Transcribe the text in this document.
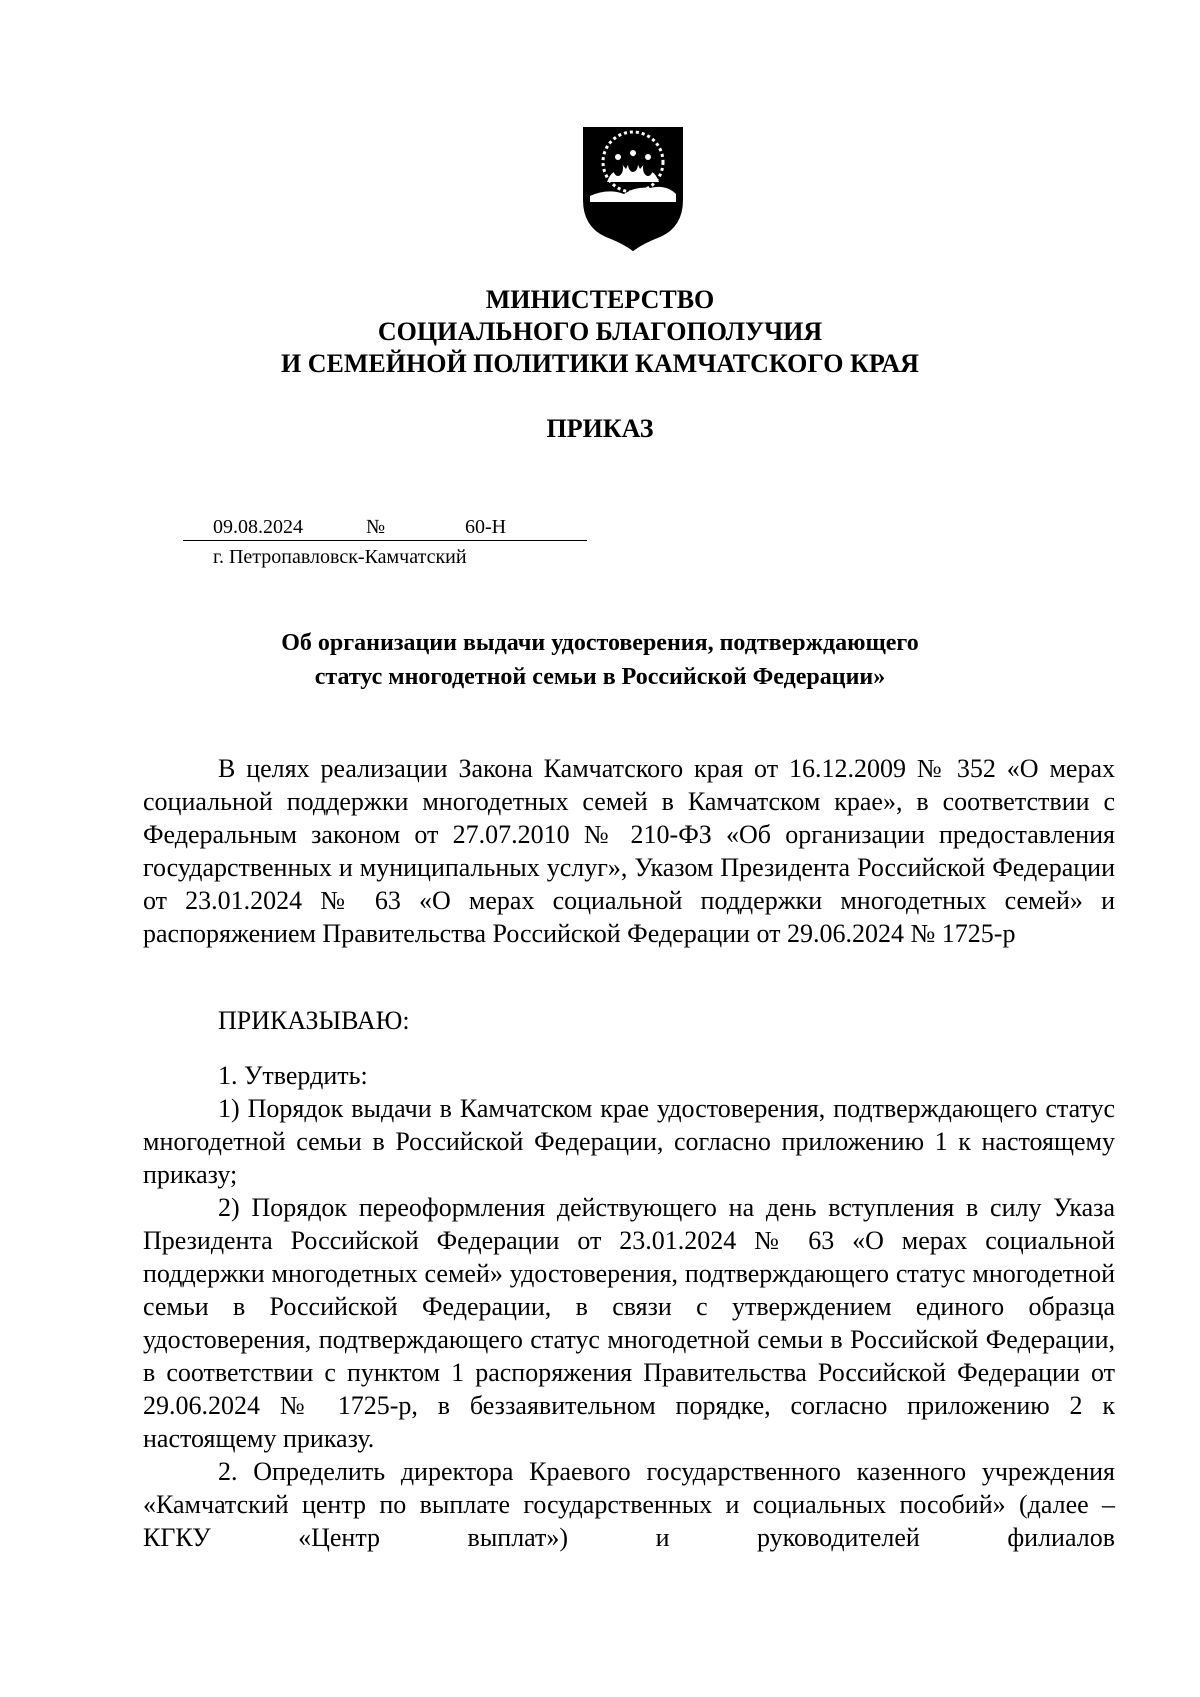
МИНИСТЕРСТВО
СОЦИАЛЬНОГО БЛАГОПОЛУЧИЯ
И СЕМЕЙНОЙ ПОЛИТИКИ КАМЧАТСКОГО КРАЯ
ПРИКАЗ
09.08.2024	№	60-Н
г. Петропавловск-Камчатский
Об организации выдачи удостоверения, подтверждающего
статус многодетной семьи в Российской Федерации»

В целях реализации Закона Камчатского края от 16.12.2009 № 352 «О мерах социальной поддержки многодетных семей в Камчатском крае», в соответствии с Федеральным законом от 27.07.2010 № 210-ФЗ «Об организации предоставления государственных и муниципальных услуг», Указом Президента Российской Федерации от 23.01.2024 № 63 «О мерах социальной поддержки многодетных семей» и распоряжением Правительства Российской Федерации от 29.06.2024 № 1725-р

ПРИКАЗЫВАЮ:

1. Утвердить:

1) Порядок выдачи в Камчатском крае удостоверения, подтверждающего статус многодетной семьи в Российской Федерации, согласно приложению 1 к настоящему приказу;

2) Порядок переоформления действующего на день вступления в силу Указа Президента Российской Федерации от 23.01.2024 № 63 «О мерах социальной поддержки многодетных семей» удостоверения, подтверждающего статус многодетной семьи в Российской Федерации, в связи с утверждением единого образца удостоверения, подтверждающего статус многодетной семьи в Российской Федерации, в соответствии с пунктом 1 распоряжения Правительства Российской Федерации от 29.06.2024 № 1725-р, в беззаявительном порядке, согласно приложению 2 к настоящему приказу.

2. Определить директора Краевого государственного казенного учреждения «Камчатский центр по выплате государственных и социальных пособий» (далее – КГКУ «Центр выплат») и руководителей филиалов
